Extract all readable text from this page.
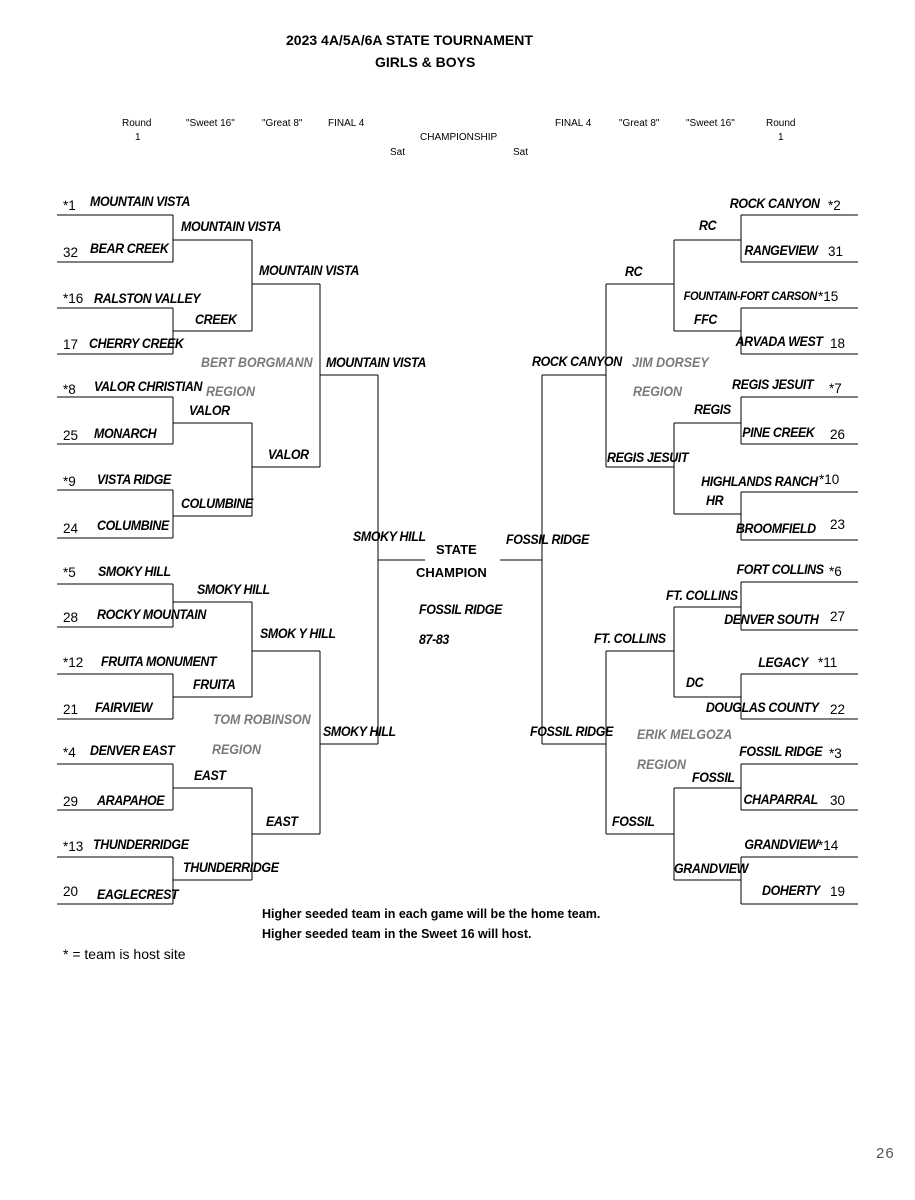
2023 4A/5A/6A STATE TOURNAMENT
GIRLS & BOYS
Round
1
"Sweet 16"	"Great 8"	FINAL 4
CHAMPIONSHIP
Sat	Sat
FINAL 4	"Great 8"	"Sweet 16"	Round
1
*1 MOUNTAIN VISTA
32 BEAR CREEK
*16 RALSTON VALLEY
17 CHERRY CREEK
*8 VALOR CHRISTIAN
25 MONARCH
*9 VISTA RIDGE
24 COLUMBINE
*5 SMOKY HILL
28 ROCKY MOUNTAIN
*12 FRUITA MONUMENT
21 FAIRVIEW
*4 DENVER EAST
29 ARAPAHOE
*13 THUNDERRIDGE
20 EAGLECREST
MOUNTAIN VISTA
CREEK
VALOR
COLUMBINE
SMOKY HILL
FRUITA
EAST
THUNDERRIDGE
MOUNTAIN VISTA
VALOR
SMOK Y HILL
EAST
MOUNTAIN VISTA
SMOKY HILL
SMOKY HILL
BERT BORGMANN
REGION
TOM ROBINSON
REGION
ROCK CANYON *2
RANGEVIEW 31
FOUNTAIN-FORT CARSON *15
ARVADA WEST 18
REGIS JESUIT *7
PINE CREEK 26
HIGHLANDS RANCH *10
BROOMFIELD 23
FORT COLLINS *6
DENVER SOUTH 27
LEGACY *11
DOUGLAS COUNTY 22
FOSSIL RIDGE *3
CHAPARRAL 30
GRANDVIEW *14
DOHERTY 19
RC
FFC
REGIS
HR
FT. COLLINS
DC
FOSSIL
GRANDVIEW
RC
REGIS JESUIT
FT. COLLINS
FOSSIL
ROCK CANYON
FOSSIL RIDGE
FOSSIL RIDGE
JIM DORSEY
REGION
ERIK MELGOZA
REGION
STATE
CHAMPION
FOSSIL RIDGE
87-83
Higher seeded team in each game will be the home team.
Higher seeded team in the Sweet 16 will host.
* = team is host site
26
